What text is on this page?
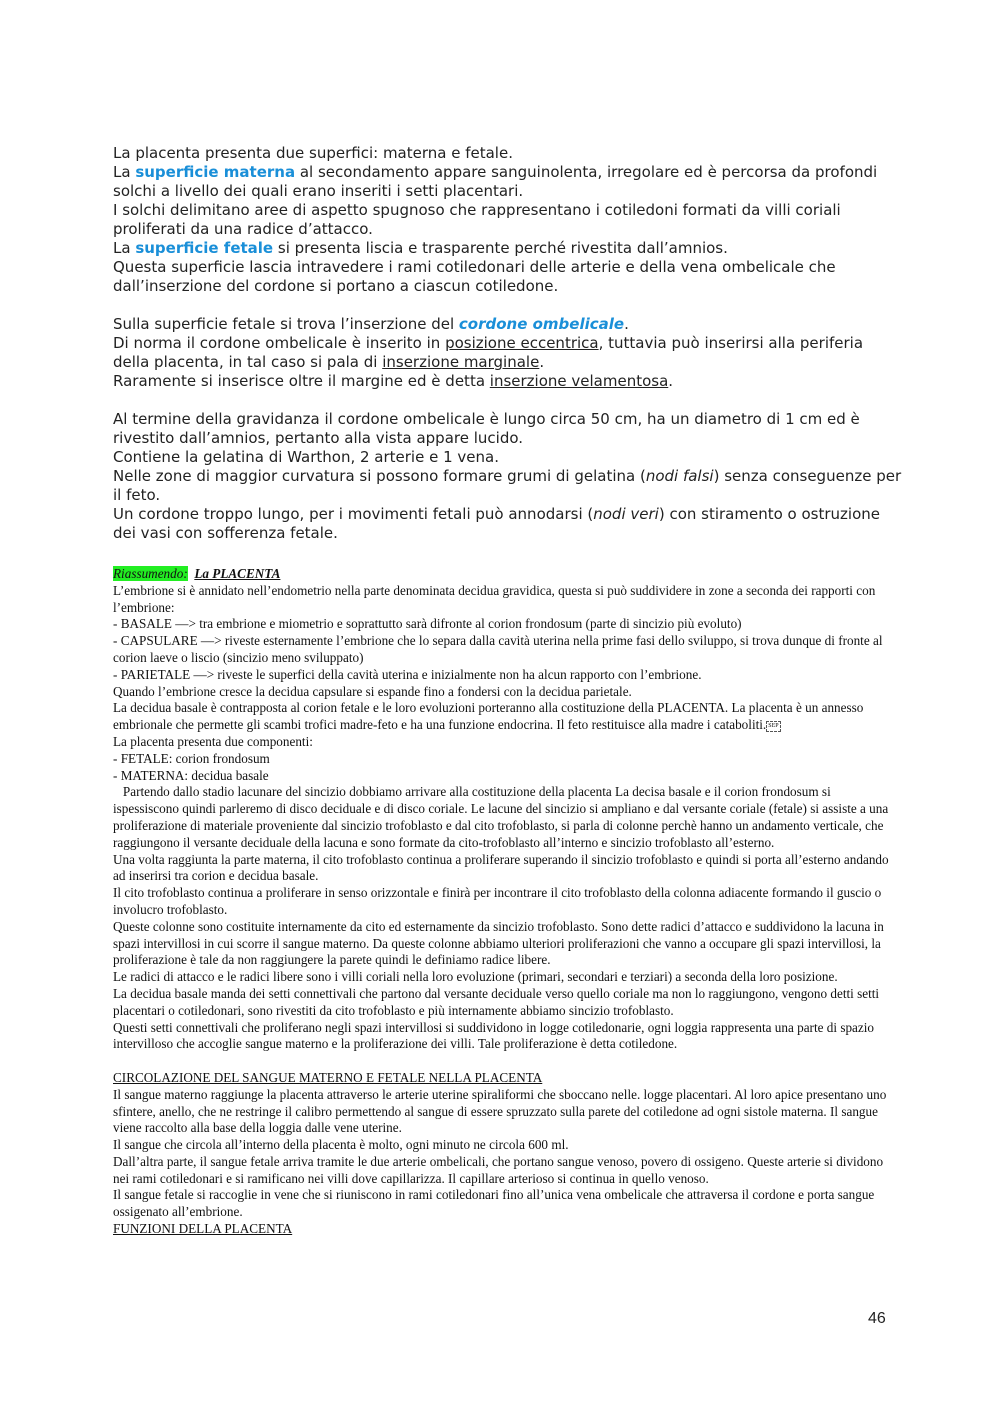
La placenta presenta due superfici: materna e fetale.

La superficie materna al secondamento appare sanguinolenta, irregolare ed è percorsa da profondi solchi a livello dei quali erano inseriti i setti placentari.

I solchi delimitano aree di aspetto spugnoso che rappresentano i cotiledoni formati da villi coriali proliferati da una radice d’attacco.

La superficie fetale si presenta liscia e trasparente perché rivestita dall’amnios.

Questa superficie lascia intravedere i rami cotiledonari delle arterie e della vena ombelicale che dall’inserzione del cordone si portano a ciascun cotiledone.

Sulla superficie fetale si trova l’inserzione del cordone ombelicale.

Di norma il cordone ombelicale è inserito in posizione eccentrica, tuttavia può inserirsi alla periferia della placenta, in tal caso si pala di inserzione marginale.

Raramente si inserisce oltre il margine ed è detta inserzione velamentosa.

Al termine della gravidanza il cordone ombelicale è lungo circa 50 cm, ha un diametro di 1 cm ed è rivestito dall’amnios, pertanto alla vista appare lucido.

Contiene la gelatina di Warthon, 2 arterie e 1 vena.

Nelle zone di maggior curvatura si possono formare grumi di gelatina (nodi falsi) senza conseguenze per il feto.

Un cordone troppo lungo, per i movimenti fetali può annodarsi (nodi veri) con stiramento o ostruzione dei vasi con sofferenza fetale.

Riassumendo: La PLACENTA

L’embrione si è annidato nell’endometrio nella parte denominata decidua gravidica, questa si può suddividere in zone a seconda dei rapporti con l’embrione:

- BASALE —> tra embrione e miometrio e soprattutto sarà difronte al corion frondosum (parte di sincizio più evoluto)

- CAPSULARE —> riveste esternamente l’embrione che lo separa dalla cavità uterina nella prime fasi dello sviluppo, si trova dunque di fronte al corion laeve o liscio (sincizio meno sviluppato)

- PARIETALE —> riveste le superfici della cavità uterina e inizialmente non ha alcun rapporto con l’embrione.

Quando l’embrione cresce la decidua capsulare si espande fino a fondersi con la decidua parietale.

La decidua basale è contrapposta al corion fetale e le loro evoluzioni porteranno alla costituzione della PLACENTA. La placenta è un annesso embrionale che permette gli scambi trofici madre-feto e ha una funzione endocrina. Il feto restituisce alla madre i cataboliti. SEP

La placenta presenta due componenti:

- FETALE: corion frondosum

- MATERNA: decidua basale

Partendo dallo stadio lacunare del sincizio dobbiamo arrivare alla costituzione della placenta La decisa basale e il corion frondosum si ispessiscono quindi parleremo di disco deciduale e di disco coriale. Le lacune del sincizio si ampliano e dal versante coriale (fetale) si assiste a una proliferazione di materiale proveniente dal sincizio trofoblasto e dal cito trofoblasto, si parla di colonne perchè hanno un andamento verticale, che raggiungono il versante deciduale della lacuna e sono formate da cito-trofoblasto all’interno e sincizio trofoblasto all’esterno.

Una volta raggiunta la parte materna, il cito trofoblasto continua a proliferare superando il sincizio trofoblasto e quindi si porta all’esterno andando ad inserirsi tra corion e decidua basale.

Il cito trofoblasto continua a proliferare in senso orizzontale e finirà per incontrare il cito trofoblasto della colonna adiacente formando il guscio o involucro trofoblasto.

Queste colonne sono costituite internamente da cito ed esternamente da sincizio trofoblasto. Sono dette radici d’attacco e suddividono la lacuna in spazi intervillosi in cui scorre il sangue materno. Da queste colonne abbiamo ulteriori proliferazioni che vanno a occupare gli spazi intervillosi, la proliferazione è tale da non raggiungere la parete quindi le definiamo radice libere.

Le radici di attacco e le radici libere sono i villi coriali nella loro evoluzione (primari, secondari e terziari) a seconda della loro posizione.

La decidua basale manda dei setti connettivali che partono dal versante deciduale verso quello coriale ma non lo raggiungono, vengono detti setti placentari o cotiledonari, sono rivestiti da cito trofoblasto e più internamente abbiamo sincizio trofoblasto.

Questi setti connettivali che proliferano negli spazi intervillosi si suddividono in logge cotiledonarie, ogni loggia rappresenta una parte di spazio intervilloso che accoglie sangue materno e la proliferazione dei villi. Tale proliferazione è detta cotiledone.

CIRCOLAZIONE DEL SANGUE MATERNO E FETALE NELLA PLACENTA

Il sangue materno raggiunge la placenta attraverso le arterie uterine spiraliformi che sboccano nelle. logge placentari. Al loro apice presentano uno sfintere, anello, che ne restringe il calibro permettendo al sangue di essere spruzzato sulla parete del cotiledone ad ogni sistole materna. Il sangue viene raccolto alla base della loggia dalle vene uterine.

Il sangue che circola all’interno della placenta è molto, ogni minuto ne circola 600 ml.

Dall’altra parte, il sangue fetale arriva tramite le due arterie ombelicali, che portano sangue venoso, povero di ossigeno. Queste arterie si dividono nei rami cotiledonari e si ramificano nei villi dove capillarizza. Il capillare arterioso si continua in quello venoso.

Il sangue fetale si raccoglie in vene che si riuniscono in rami cotiledonari fino all’unica vena ombelicale che attraversa il cordone e porta sangue ossigenato all’embrione.

FUNZIONI DELLA PLACENTA

46
